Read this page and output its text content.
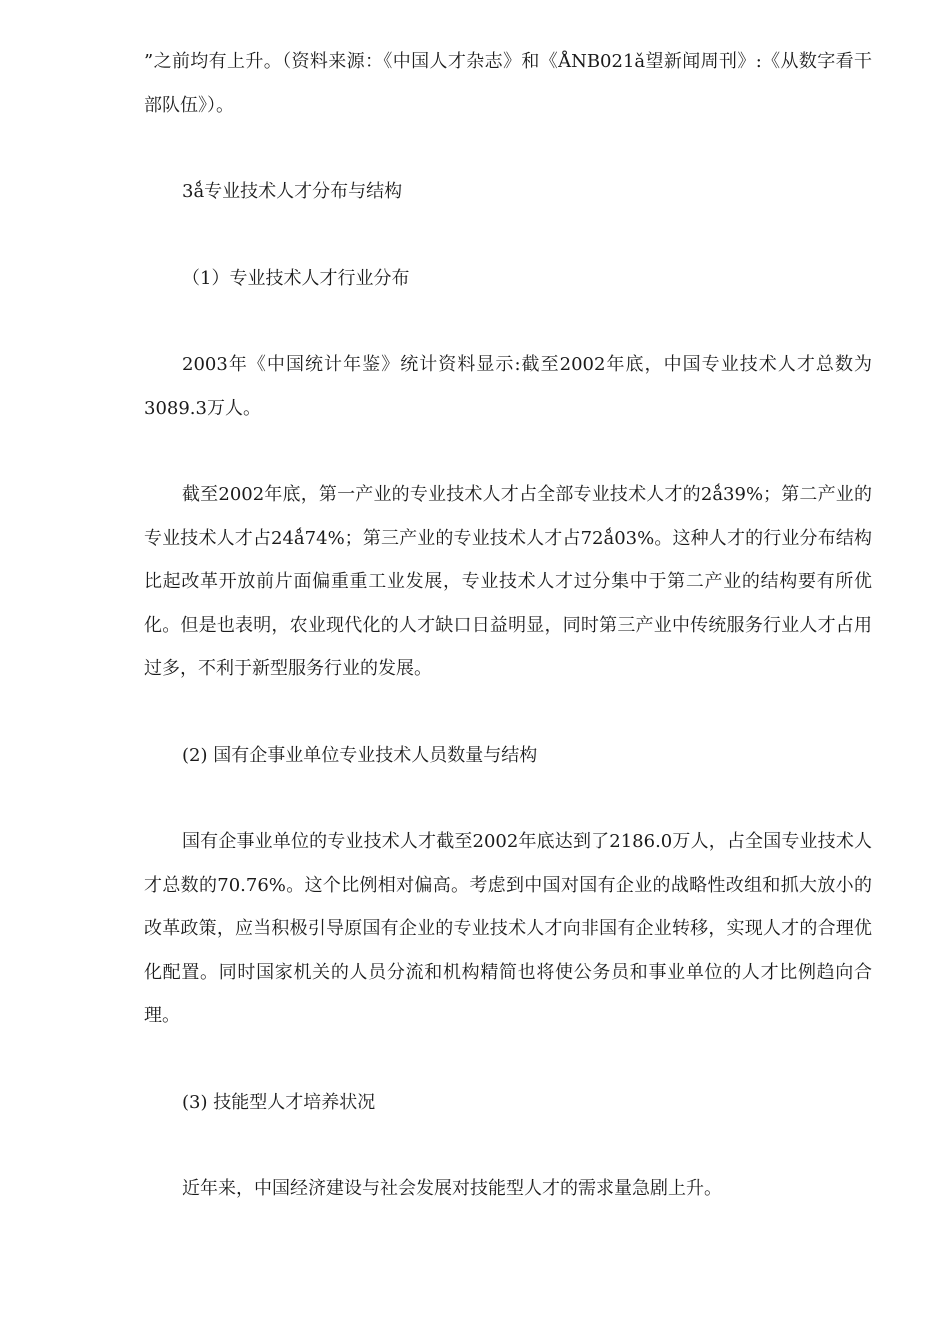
”之前均有上升。（资料来源：《中国人才杂志》和《ÅNB021ǎ望新闻周刊》:《从数字看干部队伍》）。

3ǻ专业技术人才分布与结构

（1）专业技术人才行业分布

2003年《中国统计年鉴》统计资料显示:截至2002年底，中国专业技术人才总数为3089.3万人。

截至2002年底，第一产业的专业技术人才占全部专业技术人才的2ǻ39%；第二产业的专业技术人才占24ǻ74%；第三产业的专业技术人才占72ǻ03%。这种人才的行业分布结构比起改革开放前片面偏重重工业发展，专业技术人才过分集中于第二产业的结构要有所优化。但是也表明，农业现代化的人才缺口日益明显，同时第三产业中传统服务行业人才占用过多，不利于新型服务行业的发展。

(2) 国有企事业单位专业技术人员数量与结构

国有企事业单位的专业技术人才截至2002年底达到了2186.0万人，占全国专业技术人才总数的70.76%。这个比例相对偏高。考虑到中国对国有企业的战略性改组和抓大放小的改革政策，应当积极引导原国有企业的专业技术人才向非国有企业转移，实现人才的合理优化配置。同时国家机关的人员分流和机构精简也将使公务员和事业单位的人才比例趋向合理。

(3) 技能型人才培养状况

近年来，中国经济建设与社会发展对技能型人才的需求量急剧上升。
